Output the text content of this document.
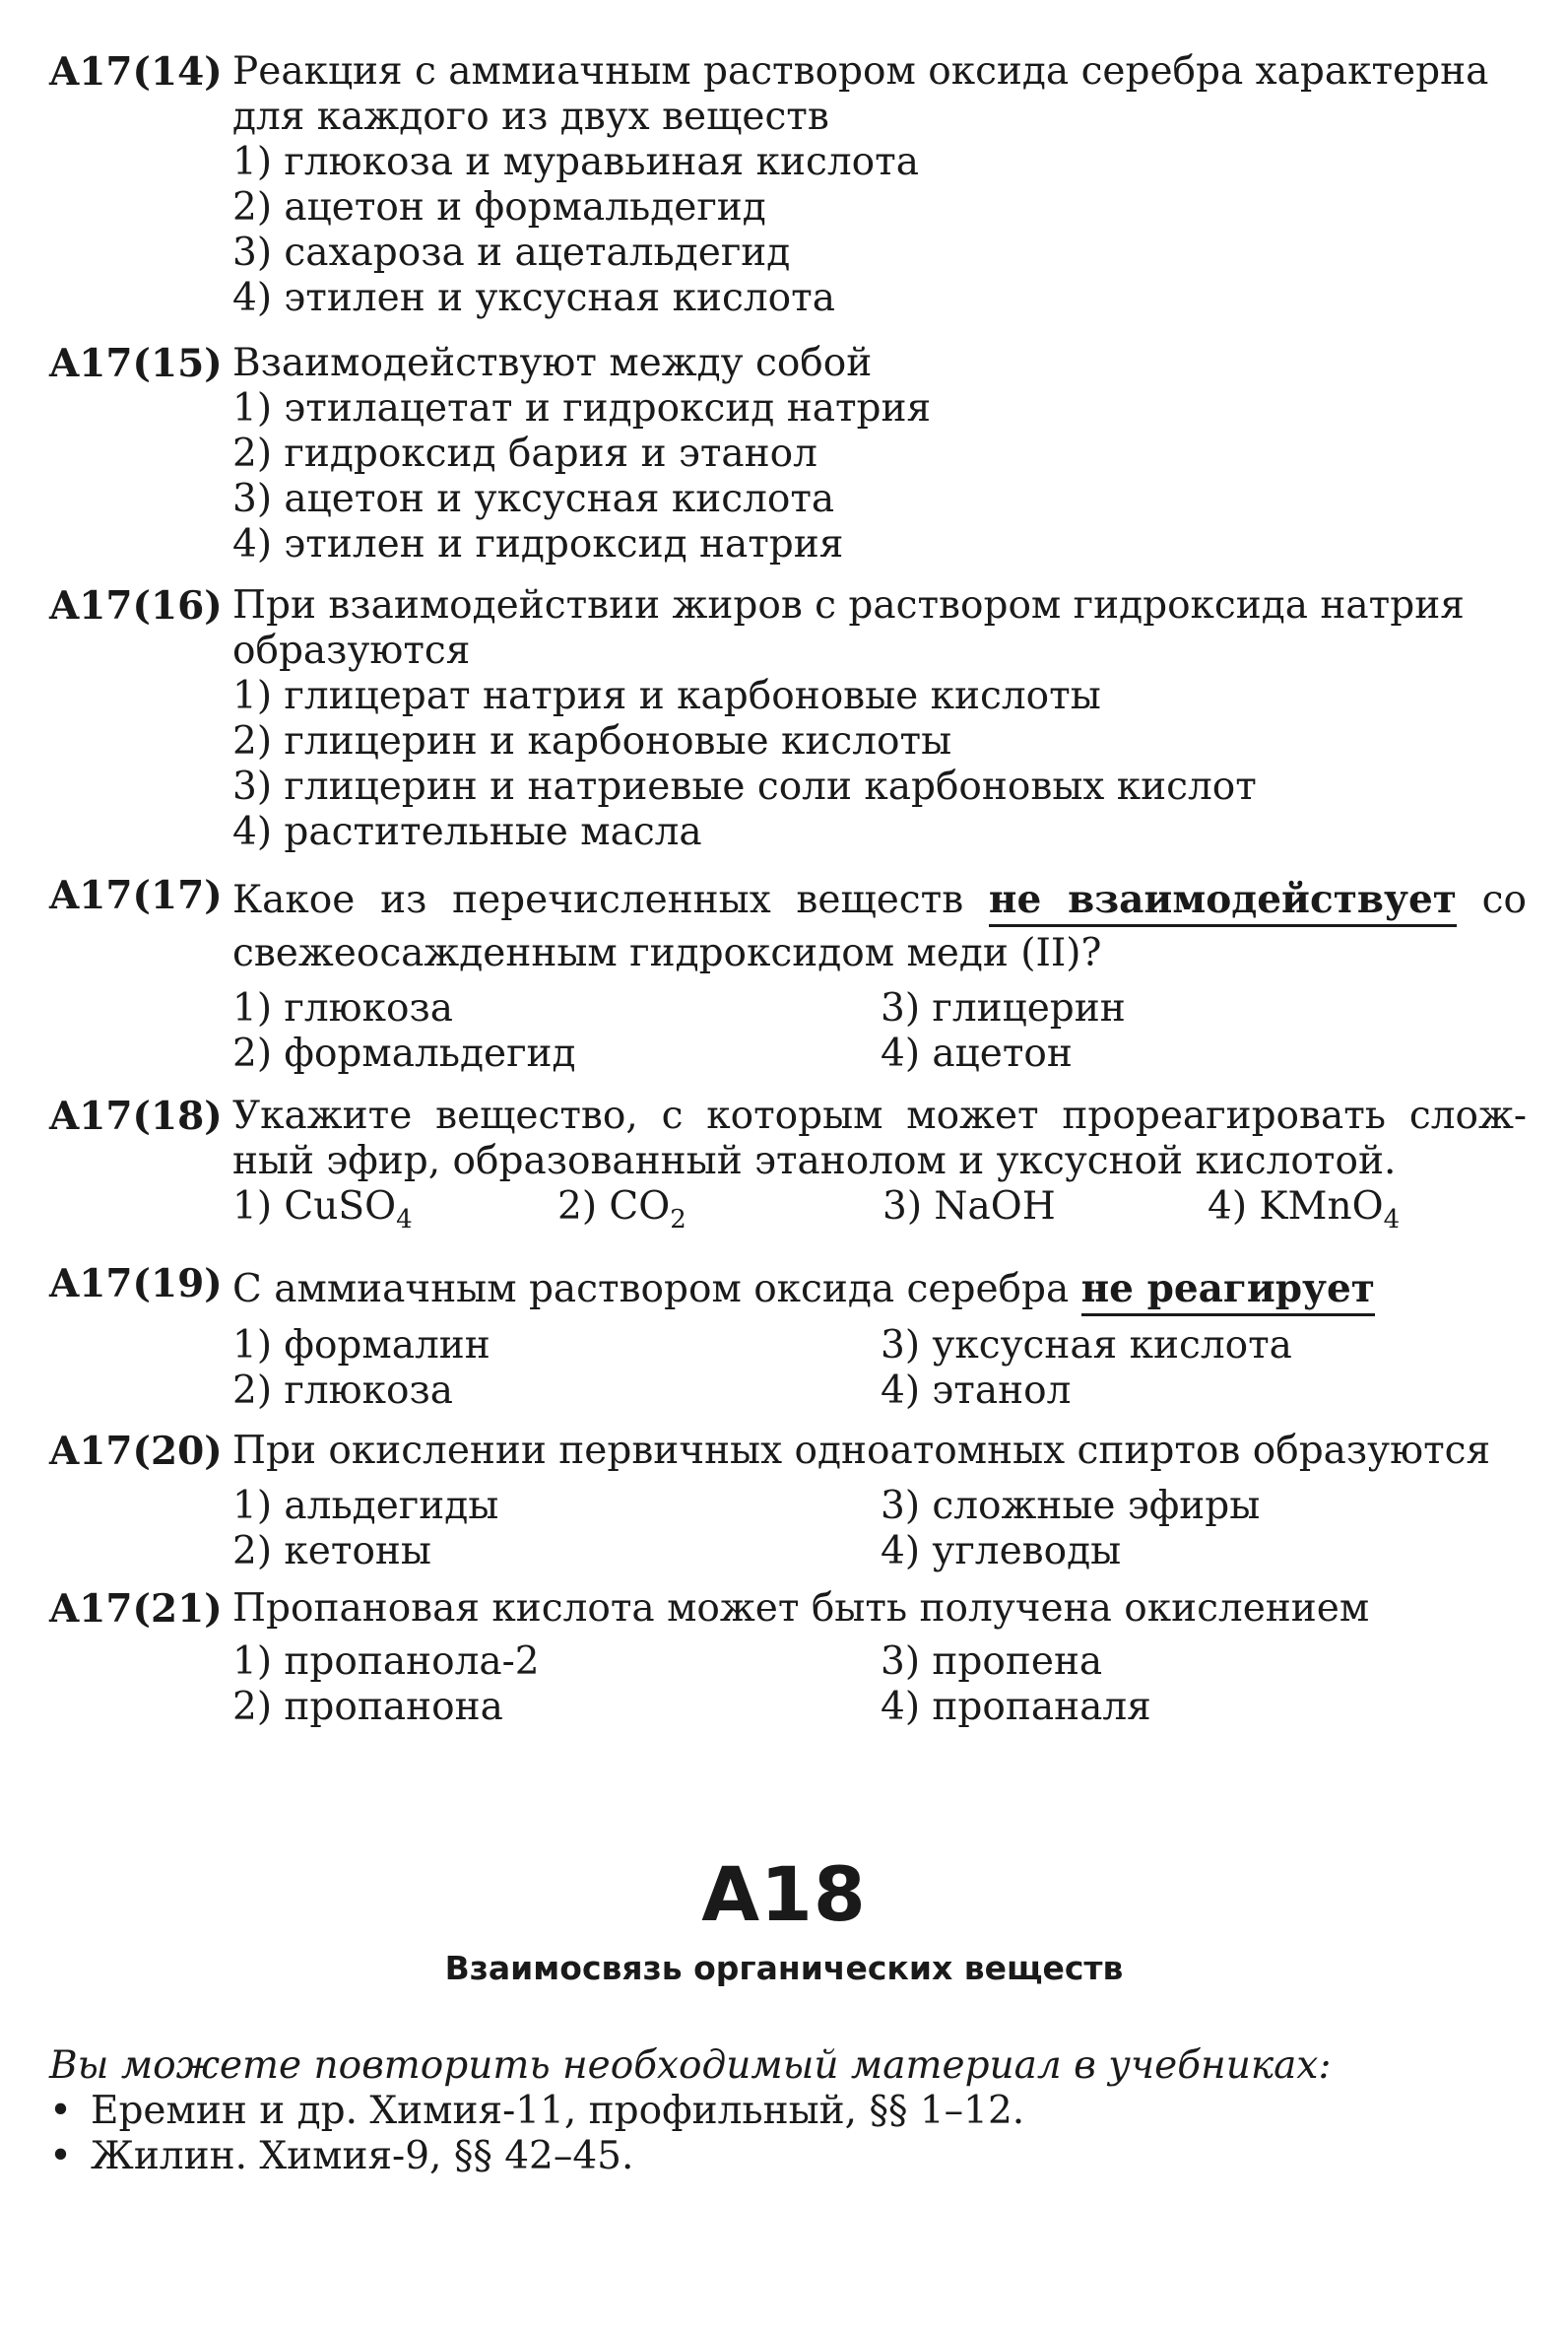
A17(14) Реакция с аммиачным раствором оксида серебра характерна для каждого из двух веществ

1) глюкоза и муравьиная кислота

2) ацетон и формальдегид

3) сахароза и ацетальдегид

4) этилен и уксусная кислота

A17(15) Взаимодействуют между собой

1) этилацетат и гидроксид натрия

2) гидроксид бария и этанол

3) ацетон и уксусная кислота

4) этилен и гидроксид натрия

A17(16) При взаимодействии жиров с раствором гидроксида натрия образуются

1) глицерат натрия и карбоновые кислоты

2) глицерин и карбоновые кислоты

3) глицерин и натриевые соли карбоновых кислот

4) растительные масла

A17(17) Какое из перечисленных веществ не взаимодействует со

свежеосажденным гидроксидом меди (II)?

1) глюкоза	3) глицерин

2) формальдегид	4) ацетон

A17(18) Укажите вещество, с которым может прореагировать слож-

ный эфир, образованный этанолом и уксусной кислотой.

1) CuSO$_4$	2) $CO_2$	3) NaOH	4) KMnO$_4$

A17(19) С аммиачным раствором оксида серебра не реагирует

1) формалин	3) уксусная кислота

2) глюкоза	4) этанол

A17(20) При окислении первичных одноатомных спиртов образуются

1) альдегиды	3) сложные эфиры

2) кетоны	4) углеводы

A17(21) Пропановая кислота может быть получена окислением

1) пропанола-2	3) пропена

2) пропанона	4) пропаналя

A18
Взаимосвязь органических веществ
Вы можете повторить необходимый материал в учебниках:
• Еремин и др. Химия-11, профильный, §§ 1–12.
• Жилин. Химия-9, §§ 42–45.
